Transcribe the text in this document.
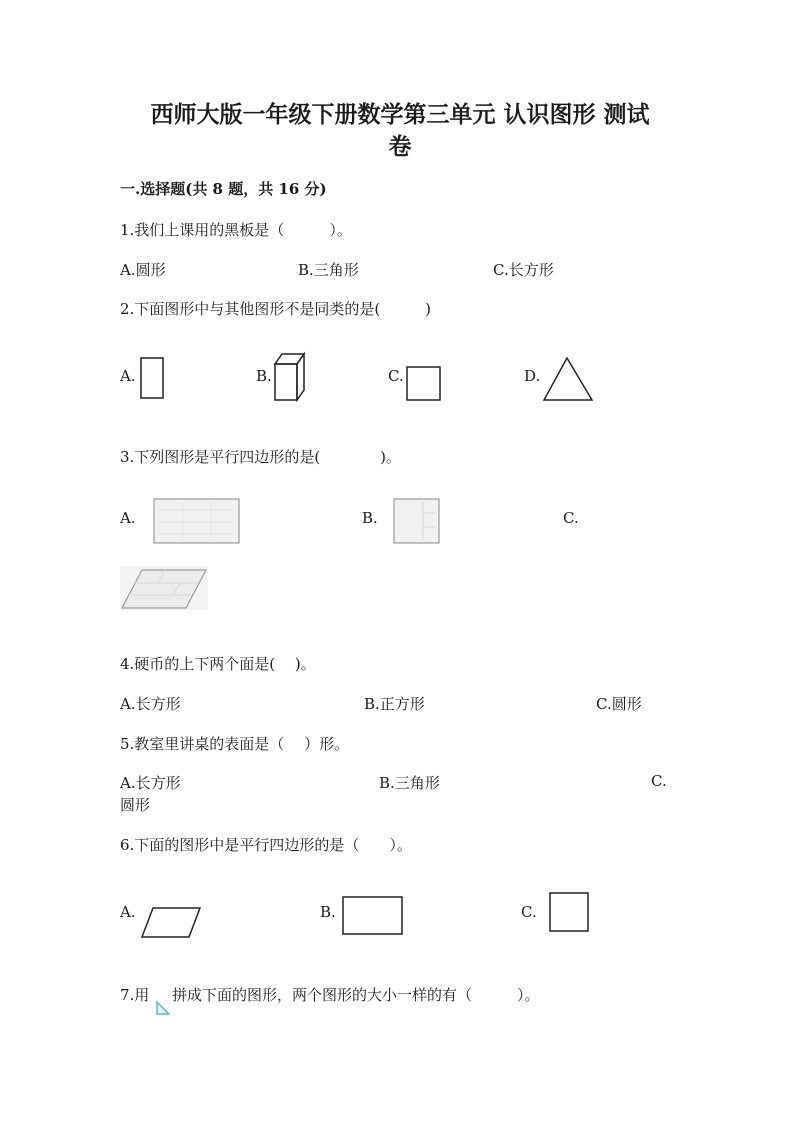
西师大版一年级下册数学第三单元 认识图形 测试
卷
一.选择题(共 8 题，共 16 分)
1.我们上课用的黑板是（　　　）。
A.圆形	B.三角形	C.长方形
2.下面图形中与其他图形不是同类的是(　　　)
A.	B.	C.	D.
3.下列图形是平行四边形的是(　　　　)。
A.	B.	C.
4.硬币的上下两个面是(　 )。
A.长方形	B.正方形	C.圆形
5.教室里讲桌的表面是（　 ）形。
A.长方形	B.三角形	C.
圆形
6.下面的图形中是平行四边形的是（　　）。
A.	B.	C.
7.用 拼成下面的图形，两个图形的大小一样的有（　　　）。
